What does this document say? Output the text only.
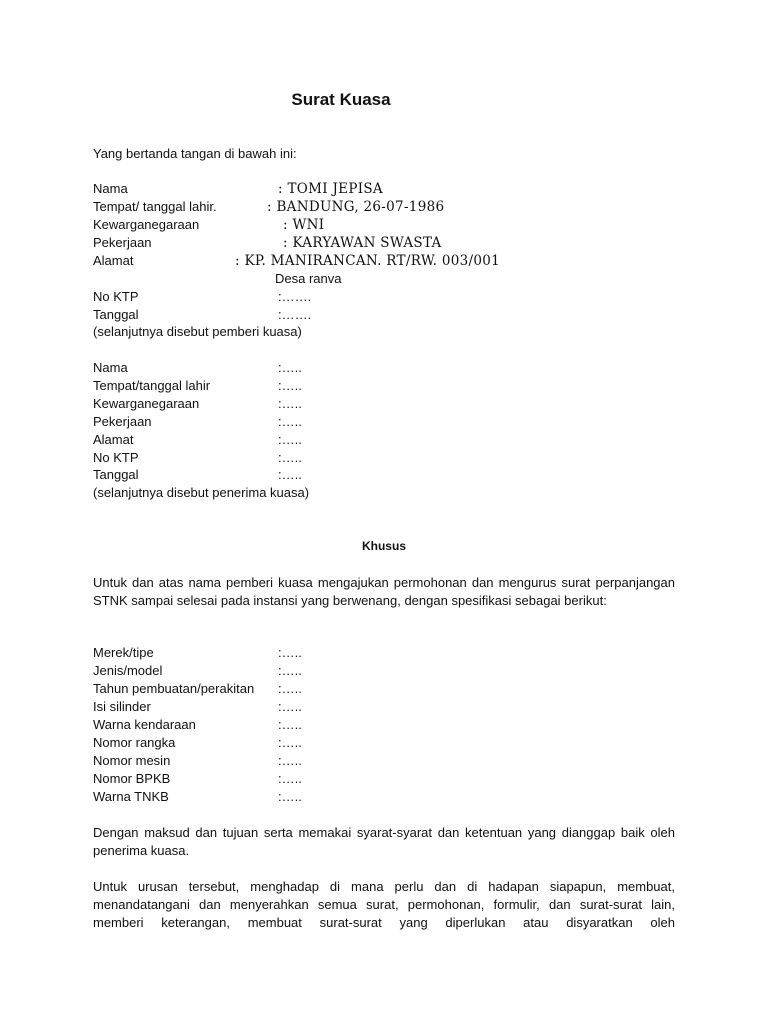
Surat Kuasa
Yang bertanda tangan di bawah ini:
Nama	: TOMI JEPISA
Tempat/ tanggal lahir.	: BANDUNG, 26-07-1986
Kewarganegaraan	: WNI
Pekerjaan	: KARYAWAN SWASTA
Alamat	: KP. MANIRANCAN. RT/RW. 003/001
Desa ranva
No KTP	:…….
Tanggal	:…….
(selanjutnya disebut pemberi kuasa)
Nama	:…..
Tempat/tanggal lahir	:…..
Kewarganegaraan	:…..
Pekerjaan	:…..
Alamat	:…..
No KTP	:…..
Tanggal	:…..
(selanjutnya disebut penerima kuasa)
Khusus
Untuk dan atas nama pemberi kuasa mengajukan permohonan dan mengurus surat perpanjangan STNK sampai selesai pada instansi yang berwenang, dengan spesifikasi sebagai berikut:
Merek/tipe	:…..
Jenis/model	:…..
Tahun pembuatan/perakitan :…..
Isi silinder	:…..
Warna kendaraan	:…..
Nomor rangka	:…..
Nomor mesin	:…..
Nomor BPKB	:…..
Warna TNKB	:…..
Dengan maksud dan tujuan serta memakai syarat-syarat dan ketentuan yang dianggap baik oleh penerima kuasa.
Untuk urusan tersebut, menghadap di mana perlu dan di hadapan siapapun, membuat, menandatangani dan menyerahkan semua surat, permohonan, formulir, dan surat-surat lain, memberi keterangan, membuat surat-surat yang diperlukan atau disyaratkan oleh
